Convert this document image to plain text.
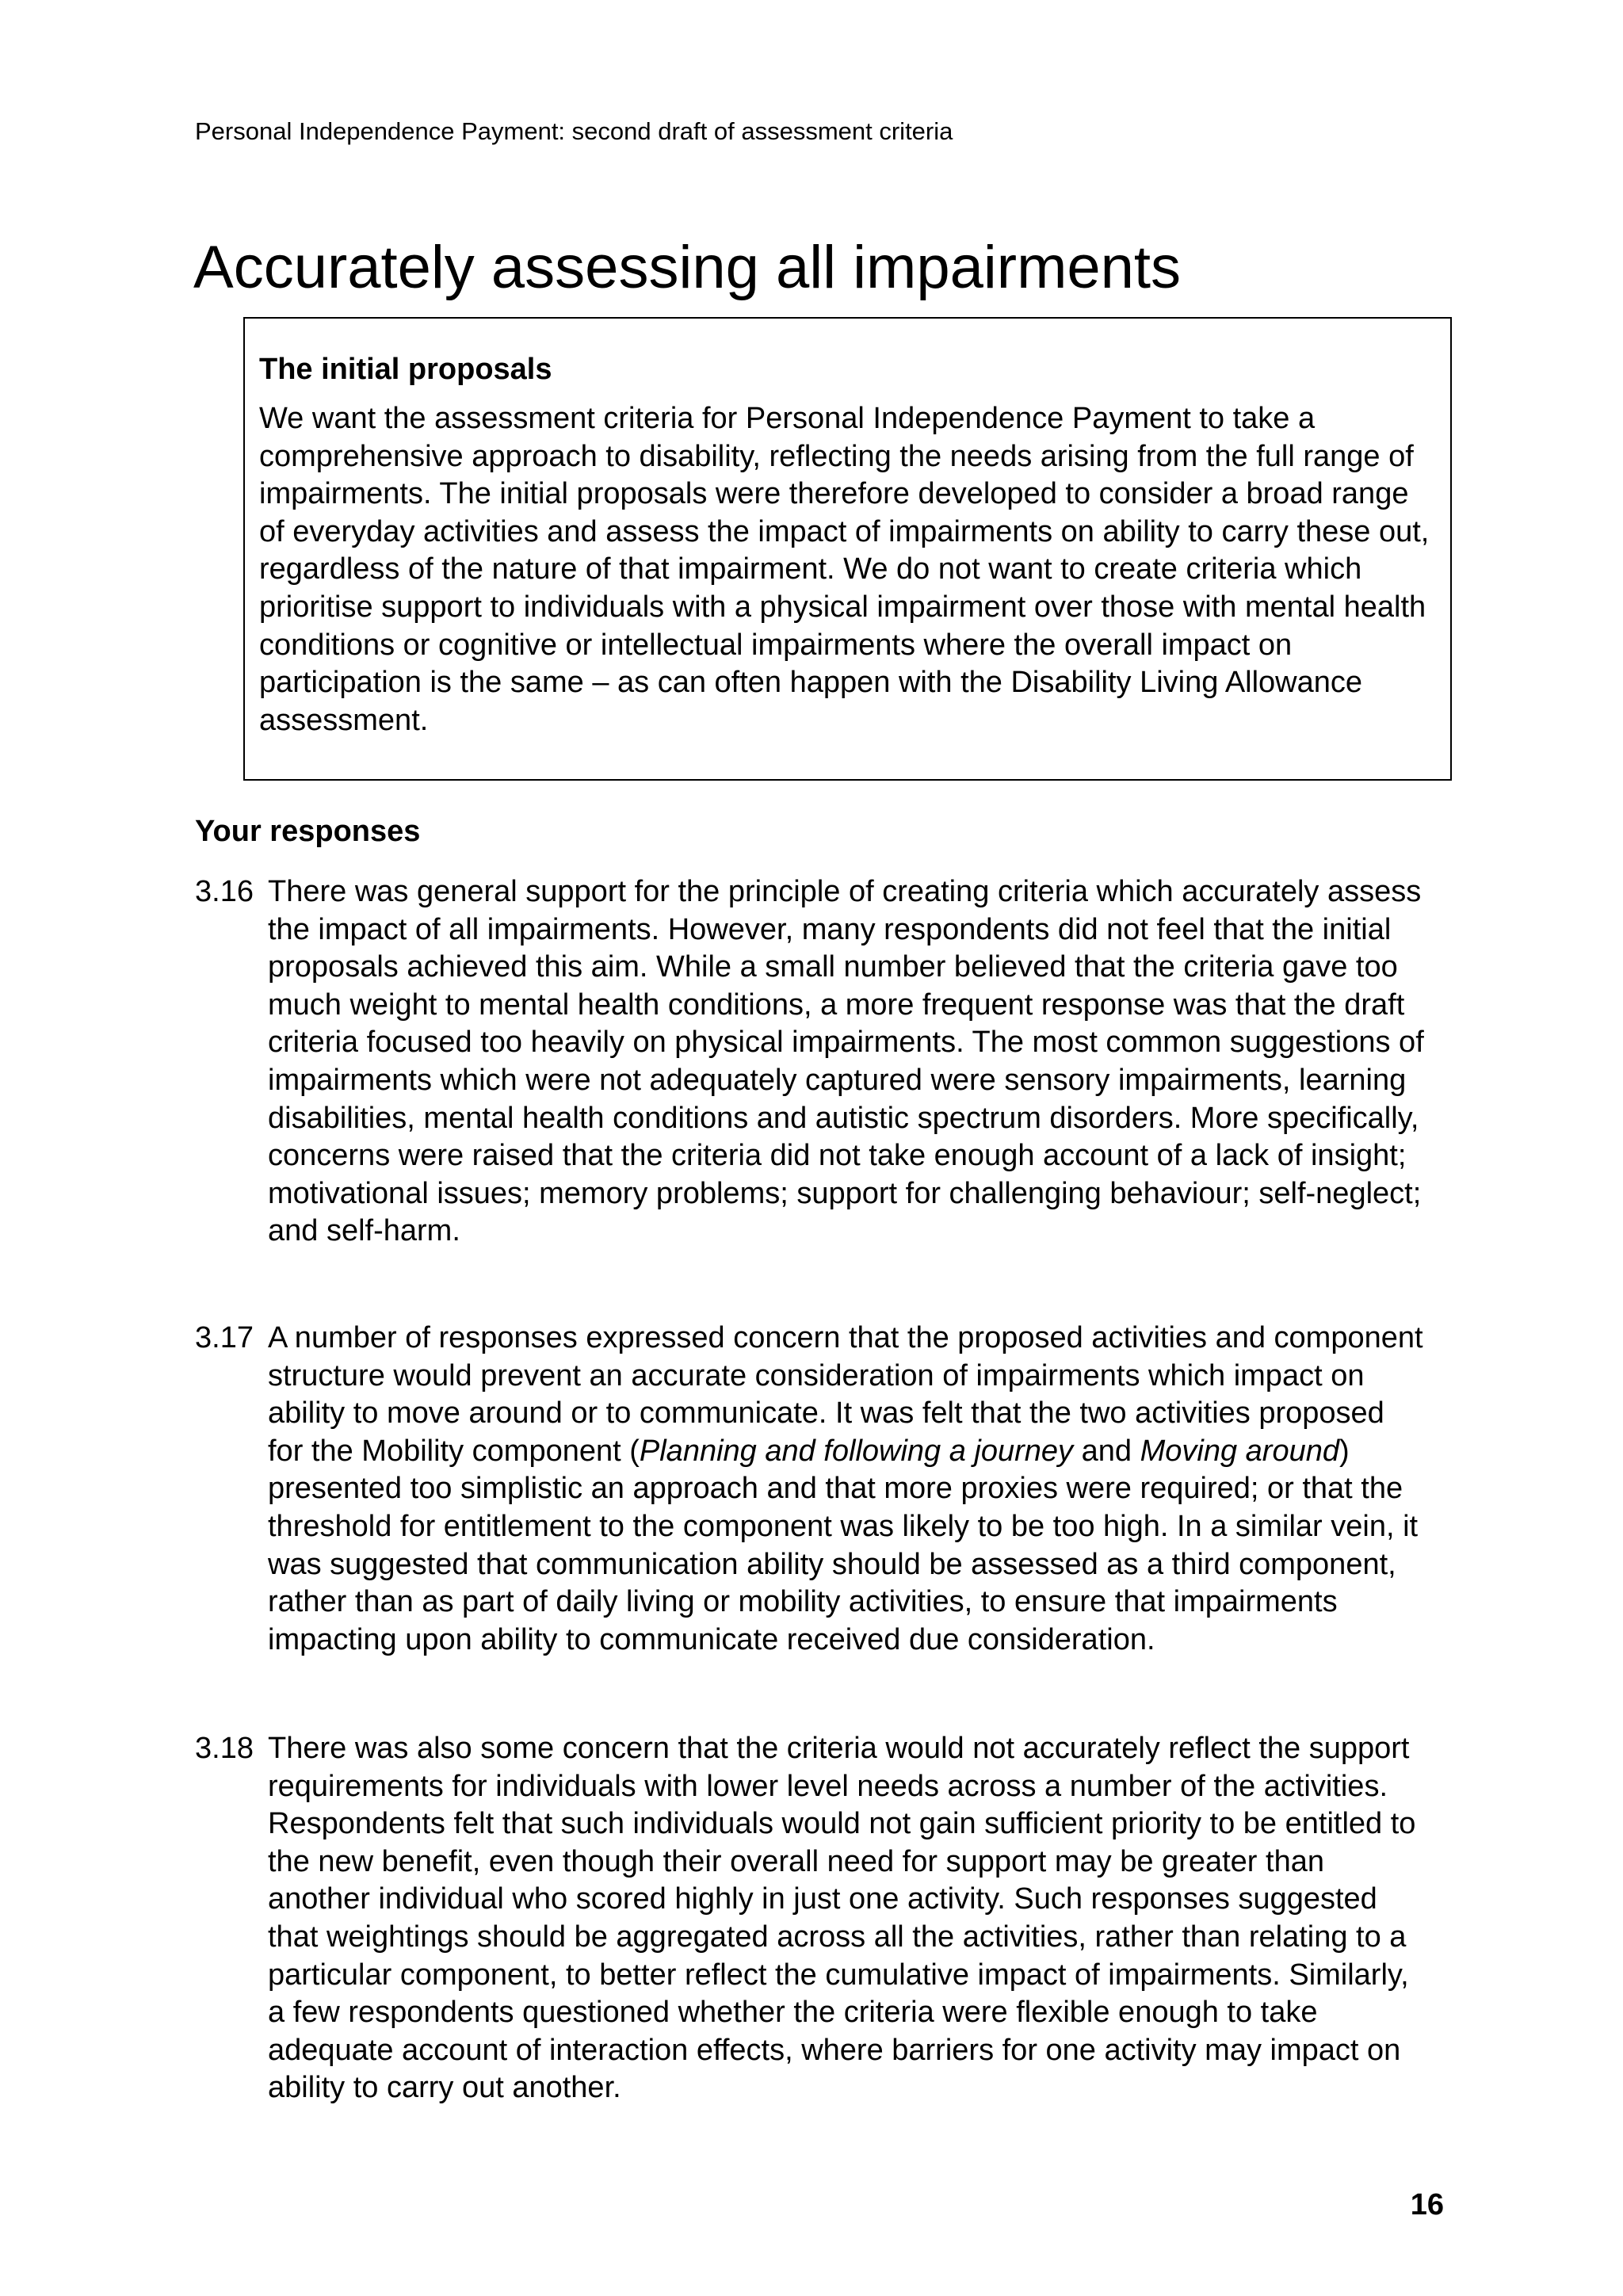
Personal Independence Payment: second draft of assessment criteria
Accurately assessing all impairments
The initial proposals

We want the assessment criteria for Personal Independence Payment to take a comprehensive approach to disability, reflecting the needs arising from the full range of impairments. The initial proposals were therefore developed to consider a broad range of everyday activities and assess the impact of impairments on ability to carry these out, regardless of the nature of that impairment. We do not want to create criteria which prioritise support to individuals with a physical impairment over those with mental health conditions or cognitive or intellectual impairments where the overall impact on participation is the same – as can often happen with the Disability Living Allowance assessment.

Your responses
3.16 There was general support for the principle of creating criteria which accurately assess the impact of all impairments. However, many respondents did not feel that the initial proposals achieved this aim. While a small number believed that the criteria gave too much weight to mental health conditions, a more frequent response was that the draft criteria focused too heavily on physical impairments. The most common suggestions of impairments which were not adequately captured were sensory impairments, learning disabilities, mental health conditions and autistic spectrum disorders. More specifically, concerns were raised that the criteria did not take enough account of a lack of insight; motivational issues; memory problems; support for challenging behaviour; self-neglect; and self-harm.
3.17 A number of responses expressed concern that the proposed activities and component structure would prevent an accurate consideration of impairments which impact on ability to move around or to communicate. It was felt that the two activities proposed for the Mobility component (Planning and following a journey and Moving around) presented too simplistic an approach and that more proxies were required; or that the threshold for entitlement to the component was likely to be too high. In a similar vein, it was suggested that communication ability should be assessed as a third component, rather than as part of daily living or mobility activities, to ensure that impairments impacting upon ability to communicate received due consideration.
3.18 There was also some concern that the criteria would not accurately reflect the support requirements for individuals with lower level needs across a number of the activities. Respondents felt that such individuals would not gain sufficient priority to be entitled to the new benefit, even though their overall need for support may be greater than another individual who scored highly in just one activity. Such responses suggested that weightings should be aggregated across all the activities, rather than relating to a particular component, to better reflect the cumulative impact of impairments. Similarly, a few respondents questioned whether the criteria were flexible enough to take adequate account of interaction effects, where barriers for one activity may impact on ability to carry out another.
16
